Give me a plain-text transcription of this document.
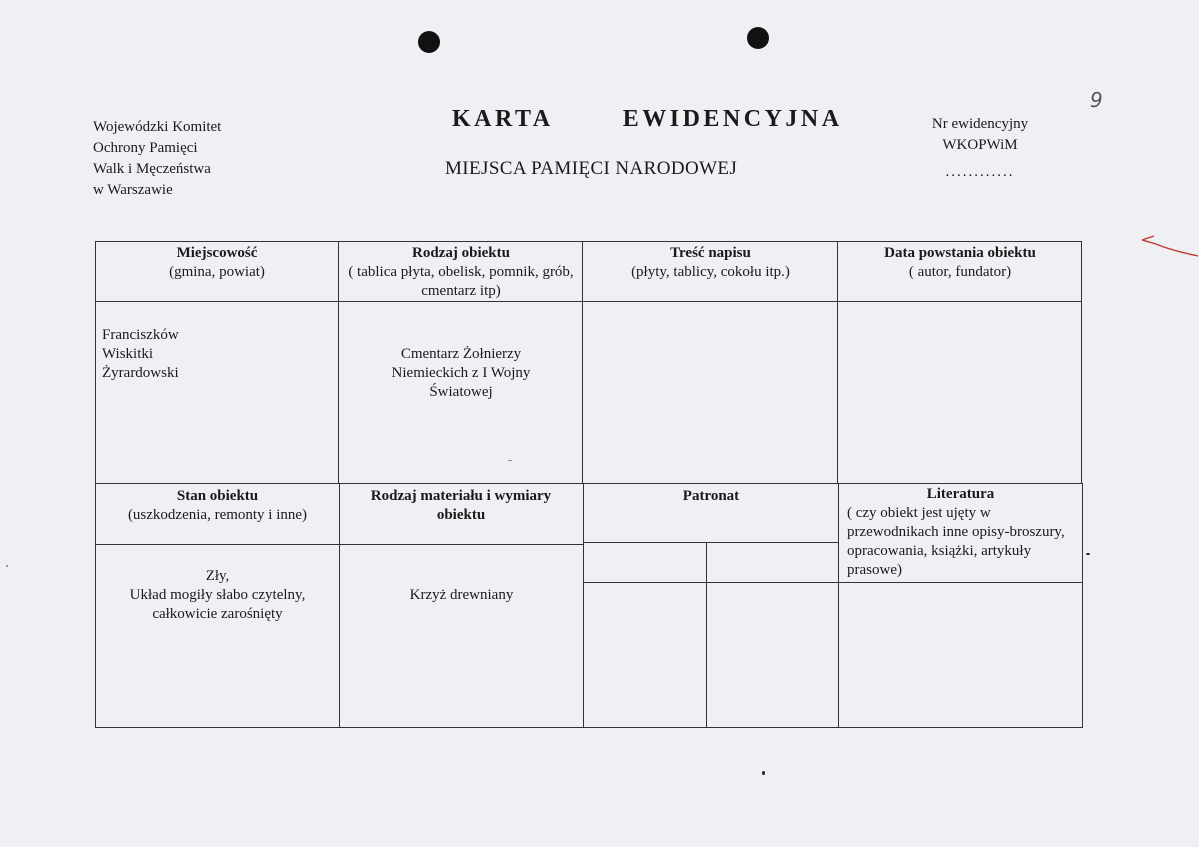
Wojewódzki Komitet
Ochrony Pamięci
Walk i Męczeństwa
w Warszawie
KARTA   EWIDENCYJNA
MIEJSCA PAMIĘCI NARODOWEJ
Nr ewidencyjny
WKOPWiM
............
9
Miejscowość
(gmina, powiat)
Rodzaj obiektu
( tablica płyta, obelisk, pomnik, grób, cmentarz itp)
Treść napisu
(płyty, tablicy, cokołu itp.)
Data powstania obiektu
( autor, fundator)
Franciszków
Wiskitki
Żyrardowski
Cmentarz Żołnierzy Niemieckich z I Wojny Światowej
Stan obiektu
(uszkodzenia, remonty i inne)
Rodzaj materiału i wymiary obiektu
Patronat	Literatura
( czy obiekt jest ujęty w przewodnikach inne opisy-broszury, opracowania, książki, artykuły prasowe)
Zły,
Układ mogiły słabo czytelny,
całkowicie zarośnięty
Krzyż drewniany
